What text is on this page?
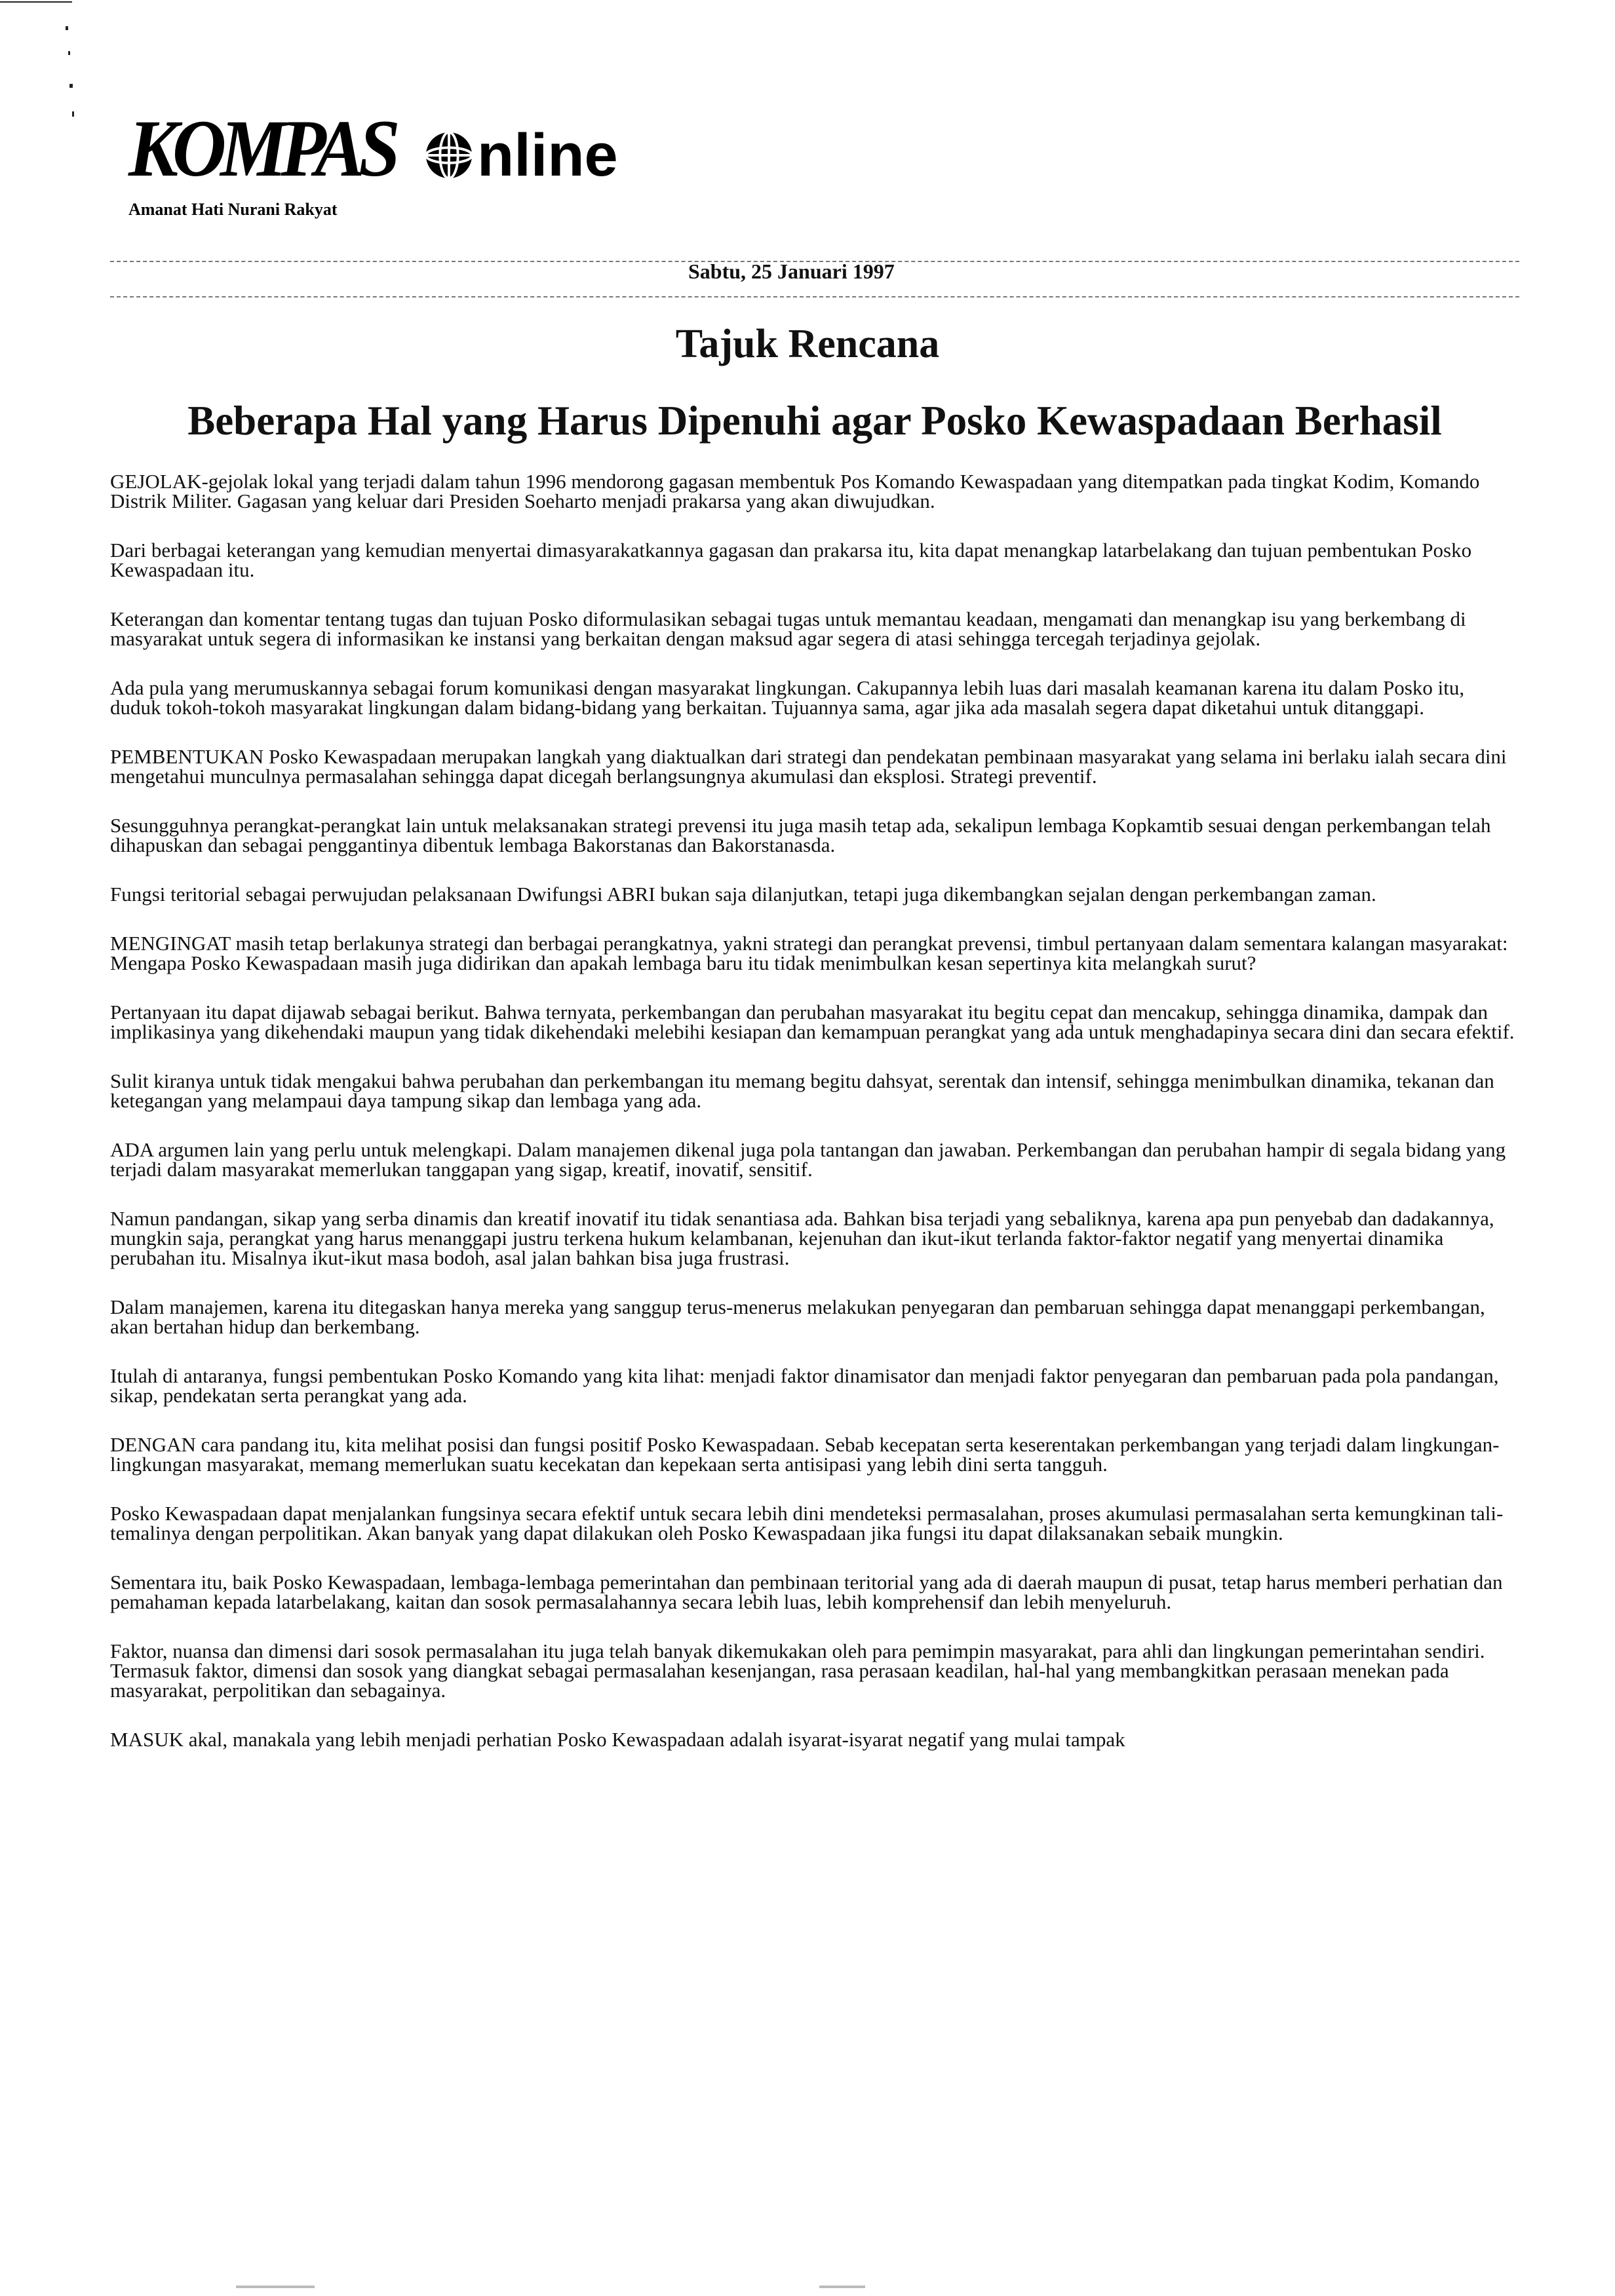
KOMPAS nline
Amanat Hati Nurani Rakyat
Sabtu, 25 Januari 1997
Tajuk Rencana
Beberapa Hal yang Harus Dipenuhi agar Posko Kewaspadaan Berhasil

GEJOLAK-gejolak lokal yang terjadi dalam tahun 1996 mendorong gagasan membentuk Pos Komando Kewaspadaan yang ditempatkan pada tingkat Kodim, Komando Distrik Militer. Gagasan yang keluar dari Presiden Soeharto menjadi prakarsa yang akan diwujudkan.

Dari berbagai keterangan yang kemudian menyertai dimasyarakatkannya gagasan dan prakarsa itu, kita dapat menangkap latarbelakang dan tujuan pembentukan Posko Kewaspadaan itu.

Keterangan dan komentar tentang tugas dan tujuan Posko diformulasikan sebagai tugas untuk memantau keadaan, mengamati dan menangkap isu yang berkembang di masyarakat untuk segera di informasikan ke instansi yang berkaitan dengan maksud agar segera di atasi sehingga tercegah terjadinya gejolak.

Ada pula yang merumuskannya sebagai forum komunikasi dengan masyarakat lingkungan. Cakupannya lebih luas dari masalah keamanan karena itu dalam Posko itu, duduk tokoh-tokoh masyarakat lingkungan dalam bidang-bidang yang berkaitan. Tujuannya sama, agar jika ada masalah segera dapat diketahui untuk ditanggapi.

PEMBENTUKAN Posko Kewaspadaan merupakan langkah yang diaktualkan dari strategi dan pendekatan pembinaan masyarakat yang selama ini berlaku ialah secara dini mengetahui munculnya permasalahan sehingga dapat dicegah berlangsungnya akumulasi dan eksplosi. Strategi preventif.

Sesungguhnya perangkat-perangkat lain untuk melaksanakan strategi prevensi itu juga masih tetap ada, sekalipun lembaga Kopkamtib sesuai dengan perkembangan telah dihapuskan dan sebagai penggantinya dibentuk lembaga Bakorstanas dan Bakorstanasda.

Fungsi teritorial sebagai perwujudan pelaksanaan Dwifungsi ABRI bukan saja dilanjutkan, tetapi juga dikembangkan sejalan dengan perkembangan zaman.

MENGINGAT masih tetap berlakunya strategi dan berbagai perangkatnya, yakni strategi dan perangkat prevensi, timbul pertanyaan dalam sementara kalangan masyarakat: Mengapa Posko Kewaspadaan masih juga didirikan dan apakah lembaga baru itu tidak menimbulkan kesan sepertinya kita melangkah surut?

Pertanyaan itu dapat dijawab sebagai berikut. Bahwa ternyata, perkembangan dan perubahan masyarakat itu begitu cepat dan mencakup, sehingga dinamika, dampak dan implikasinya yang dikehendaki maupun yang tidak dikehendaki melebihi kesiapan dan kemampuan perangkat yang ada untuk menghadapinya secara dini dan secara efektif.

Sulit kiranya untuk tidak mengakui bahwa perubahan dan perkembangan itu memang begitu dahsyat, serentak dan intensif, sehingga menimbulkan dinamika, tekanan dan ketegangan yang melampaui daya tampung sikap dan lembaga yang ada.

ADA argumen lain yang perlu untuk melengkapi. Dalam manajemen dikenal juga pola tantangan dan jawaban. Perkembangan dan perubahan hampir di segala bidang yang terjadi dalam masyarakat memerlukan tanggapan yang sigap, kreatif, inovatif, sensitif.

Namun pandangan, sikap yang serba dinamis dan kreatif inovatif itu tidak senantiasa ada. Bahkan bisa terjadi yang sebaliknya, karena apa pun penyebab dan dadakannya, mungkin saja, perangkat yang harus menanggapi justru terkena hukum kelambanan, kejenuhan dan ikut-ikut terlanda faktor-faktor negatif yang menyertai dinamika perubahan itu. Misalnya ikut-ikut masa bodoh, asal jalan bahkan bisa juga frustrasi.

Dalam manajemen, karena itu ditegaskan hanya mereka yang sanggup terus-menerus melakukan penyegaran dan pembaruan sehingga dapat menanggapi perkembangan, akan bertahan hidup dan berkembang.

Itulah di antaranya, fungsi pembentukan Posko Komando yang kita lihat: menjadi faktor dinamisator dan menjadi faktor penyegaran dan pembaruan pada pola pandangan, sikap, pendekatan serta perangkat yang ada.

DENGAN cara pandang itu, kita melihat posisi dan fungsi positif Posko Kewaspadaan. Sebab kecepatan serta keserentakan perkembangan yang terjadi dalam lingkungan-lingkungan masyarakat, memang memerlukan suatu kecekatan dan kepekaan serta antisipasi yang lebih dini serta tangguh.

Posko Kewaspadaan dapat menjalankan fungsinya secara efektif untuk secara lebih dini mendeteksi permasalahan, proses akumulasi permasalahan serta kemungkinan tali-temalinya dengan perpolitikan. Akan banyak yang dapat dilakukan oleh Posko Kewaspadaan jika fungsi itu dapat dilaksanakan sebaik mungkin.

Sementara itu, baik Posko Kewaspadaan, lembaga-lembaga pemerintahan dan pembinaan teritorial yang ada di daerah maupun di pusat, tetap harus memberi perhatian dan pemahaman kepada latarbelakang, kaitan dan sosok permasalahannya secara lebih luas, lebih komprehensif dan lebih menyeluruh.

Faktor, nuansa dan dimensi dari sosok permasalahan itu juga telah banyak dikemukakan oleh para pemimpin masyarakat, para ahli dan lingkungan pemerintahan sendiri. Termasuk faktor, dimensi dan sosok yang diangkat sebagai permasalahan kesenjangan, rasa perasaan keadilan, hal-hal yang membangkitkan perasaan menekan pada masyarakat, perpolitikan dan sebagainya.

MASUK akal, manakala yang lebih menjadi perhatian Posko Kewaspadaan adalah isyarat-isyarat negatif yang mulai tampak
